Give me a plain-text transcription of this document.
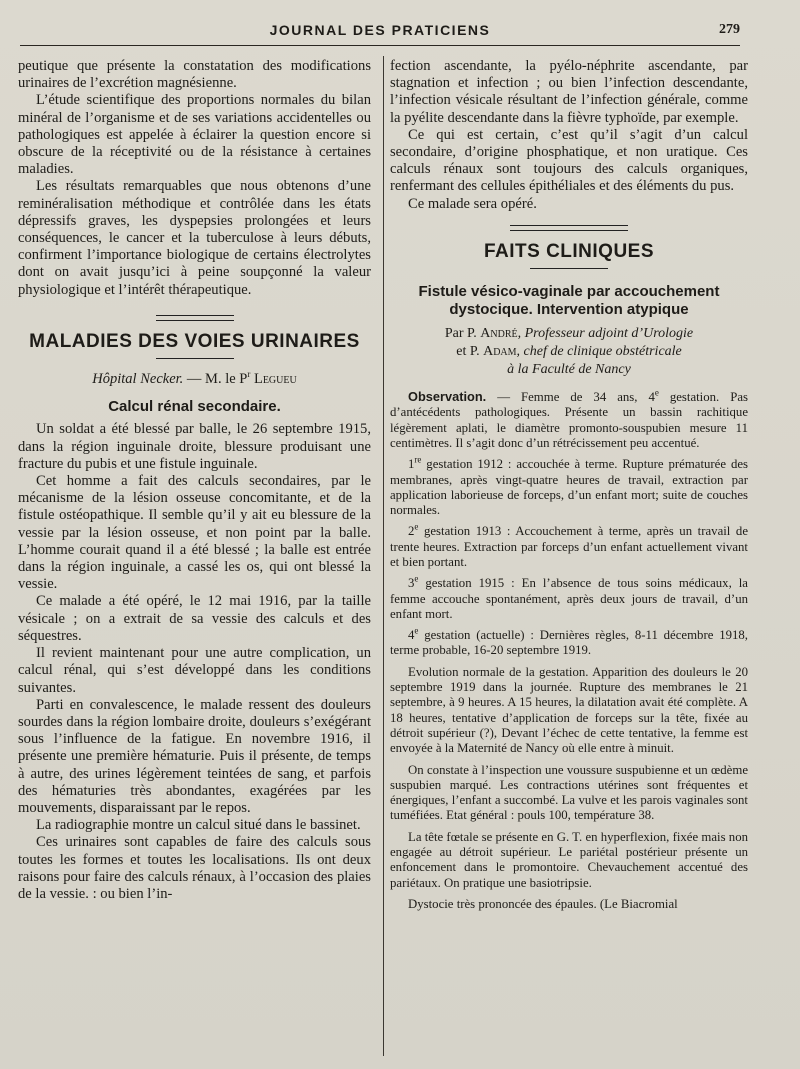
JOURNAL DES PRATICIENS	279

peutique que présente la constatation des modifications urinaires de l’excrétion magnésienne.

L’étude scientifique des proportions normales du bilan minéral de l’organisme et de ses variations accidentelles ou pathologiques est appelée à éclairer la question encore si obscure de la réceptivité ou de la résistance à certaines maladies.

Les résultats remarquables que nous obtenons d’une reminéralisation méthodique et contrôlée dans les états dépressifs graves, les dyspepsies prolongées et leurs conséquences, le cancer et la tuberculose à leurs débuts, confirment l’importance biologique de certains électrolytes dont on avait jusqu’ici à peine soupçonné la valeur physiologique et l’intérêt thérapeutique.

MALADIES DES VOIES URINAIRES
Hôpital Necker. — M. le $P^r$ Legueu
Calcul rénal secondaire.

Un soldat a été blessé par balle, le 26 septembre 1915, dans la région inguinale droite, blessure produisant une fracture du pubis et une fistule inguinale.

Cet homme a fait des calculs secondaires, par le mécanisme de la lésion osseuse concomitante, et de la fistule ostéopathique. Il semble qu’il y ait eu blessure de la vessie par la lésion osseuse, et non point par la balle. L’homme courait quand il a été blessé ; la balle est entrée dans la région inguinale, a cassé les os, qui ont blessé la vessie.

Ce malade a été opéré, le 12 mai 1916, par la taille vésicale ; on a extrait de sa vessie des calculs et des séquestres.

Il revient maintenant pour une autre complication, un calcul rénal, qui s’est développé dans les conditions suivantes.

Parti en convalescence, le malade ressent des douleurs sourdes dans la région lombaire droite, douleurs s’exégérant sous l’influence de la fatigue. En novembre 1916, il présente une première hématurie. Puis il présente, de temps à autre, des urines légèrement teintées de sang, et parfois des hématuries très abondantes, exagérées par les mouvements, disparaissant par le repos.

La radiographie montre un calcul situé dans le bassinet.

Ces urinaires sont capables de faire des calculs sous toutes les formes et toutes les localisations. Ils ont deux raisons pour faire des calculs rénaux, à l’occasion des plaies de la vessie. : ou bien l’in-

fection ascendante, la pyélo-néphrite ascendante, par stagnation et infection ; ou bien l’infection descendante, l’infection vésicale résultant de l’infection générale, comme la pyélite descendante dans la fièvre typhoïde, par exemple.

Ce qui est certain, c’est qu’il s’agit d’un calcul secondaire, d’origine phosphatique, et non uratique. Ces calculs rénaux sont toujours des calculs organiques, renfermant des cellules épithéliales et des éléments du pus.

Ce malade sera opéré.

FAITS CLINIQUES
Fistule vésico-vaginale par accouchement dystocique. Intervention atypique
Par P. André, Professeur adjoint d’Urologie
et P. Adam, chef de clinique obstétricale
à la Faculté de Nancy

Observation. — Femme de 34 ans, 4e gestation. Pas d’antécédents pathologiques. Présente un bassin rachitique légèrement aplati, le diamètre promonto-souspubien mesure 11 centimètres. Il s’agit donc d’un rétrécissement peu accentué.

1re gestation 1912 : accouchée à terme. Rupture prématurée des membranes, après vingt-quatre heures de travail, extraction par application laborieuse de forceps, d’un enfant mort; suite de couches normales.

2e gestation 1913 : Accouchement à terme, après un travail de trente heures. Extraction par forceps d’un enfant actuellement vivant et bien portant.

3e gestation 1915 : En l’absence de tous soins médicaux, la femme accouche spontanément, après deux jours de travail, d’un enfant mort.

4e gestation (actuelle) : Dernières règles, 8-11 décembre 1918, terme probable, 16-20 septembre 1919.

Evolution normale de la gestation. Apparition des douleurs le 20 septembre 1919 dans la journée. Rupture des membranes le 21 septembre, à 9 heures. A 15 heures, la dilatation avait été complète. A 18 heures, tentative d’application de forceps sur la tête, fixée au détroit supérieur (?), Devant l’échec de cette tentative, la femme est envoyée à la Maternité de Nancy où elle entre à minuit.

On constate à l’inspection une voussure suspubienne et un œdème suspubien marqué. Les contractions utérines sont fréquentes et énergiques, l’enfant a succombé. La vulve et les parois vaginales sont tuméfiées. Etat général : pouls 100, température 38.

La tête fœtale se présente en G. T. en hyperflexion, fixée mais non engagée au détroit supérieur. Le pariétal postérieur présente un enfoncement dans le promontoire. Chevauchement accentué des pariétaux. On pratique une basiotripsie.

Dystocie très prononcée des épaules. (Le Biacromial
